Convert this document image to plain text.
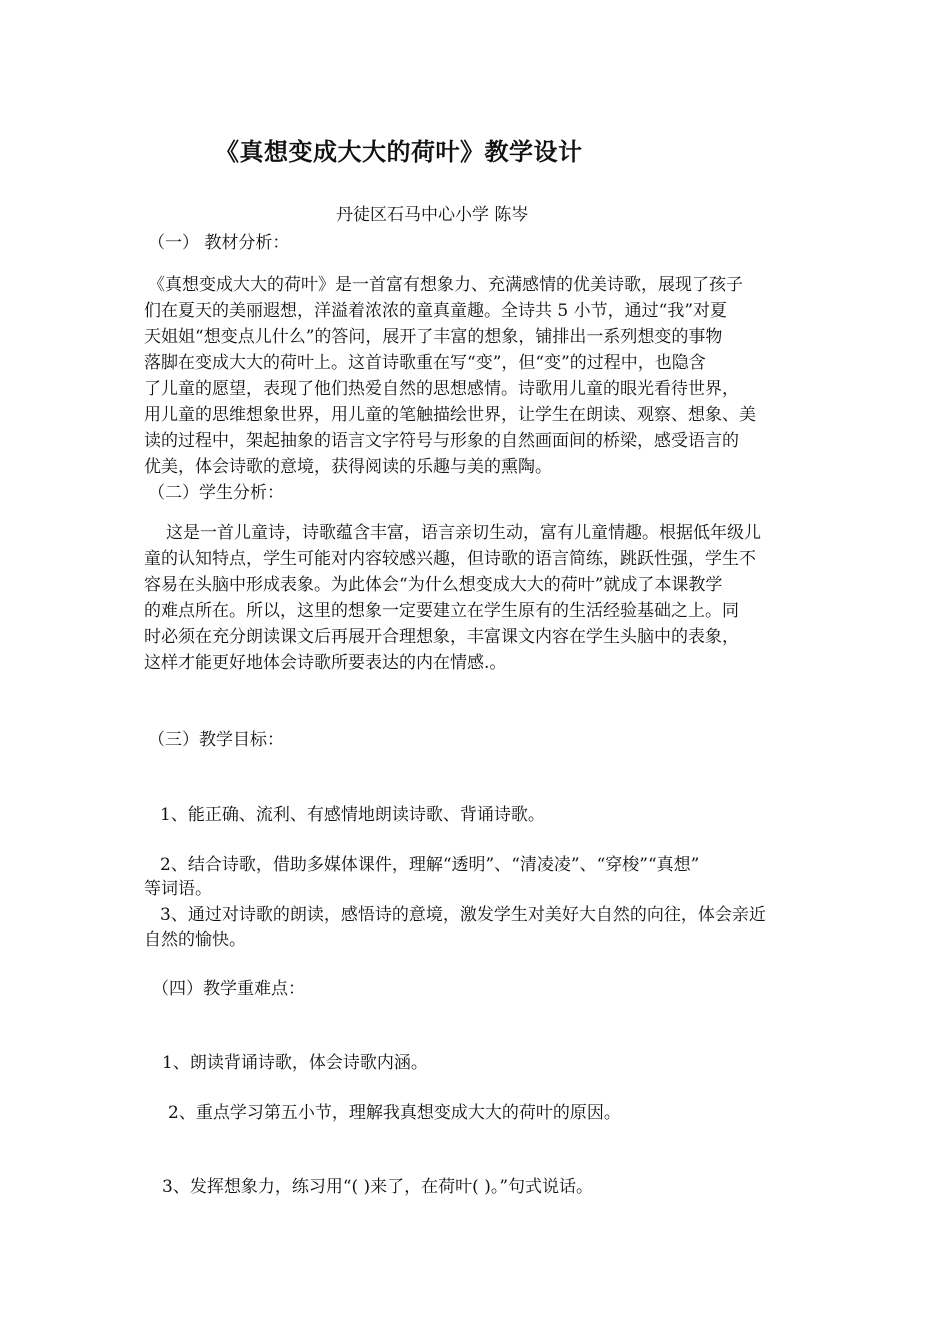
《真想变成大大的荷叶》教学设计

丹徒区石马中心小学 陈岑

（一） 教材分析：

《真想变成大大的荷叶》是一首富有想象力、充满感情的优美诗歌，展现了孩子
们在夏天的美丽遐想，洋溢着浓浓的童真童趣。全诗共 5 小节，通过“我”对夏
天姐姐“想变点儿什么”的答问，展开了丰富的想象，铺排出一系列想变的事物
落脚在变成大大的荷叶上。这首诗歌重在写“变”，但“变”的过程中，也隐含
了儿童的愿望，表现了他们热爱自然的思想感情。诗歌用儿童的眼光看待世界，
用儿童的思维想象世界，用儿童的笔触描绘世界，让学生在朗读、观察、想象、美
读的过程中，架起抽象的语言文字符号与形象的自然画面间的桥梁，感受语言的
优美，体会诗歌的意境，获得阅读的乐趣与美的熏陶。

（二）学生分析：

这是一首儿童诗，诗歌蕴含丰富，语言亲切生动，富有儿童情趣。根据低年级儿
童的认知特点，学生可能对内容较感兴趣，但诗歌的语言简练，跳跃性强，学生不
容易在头脑中形成表象。为此体会“为什么想变成大大的荷叶”就成了本课教学
的难点所在。所以，这里的想象一定要建立在学生原有的生活经验基础之上。同
时必须在充分朗读课文后再展开合理想象，丰富课文内容在学生头脑中的表象，
这样才能更好地体会诗歌所要表达的内在情感.。

（三）教学目标：

1、能正确、流利、有感情地朗读诗歌、背诵诗歌。

2、结合诗歌，借助多媒体课件，理解“透明”、“清凌凌”、“穿梭”“真想”

等词语。

3、通过对诗歌的朗读，感悟诗的意境，激发学生对美好大自然的向往，体会亲近

自然的愉快。

（四）教学重难点：

1、朗读背诵诗歌，体会诗歌内涵。

2、重点学习第五小节，理解我真想变成大大的荷叶的原因。

3、发挥想象力，练习用“( )来了，在荷叶( )。”句式说话。
